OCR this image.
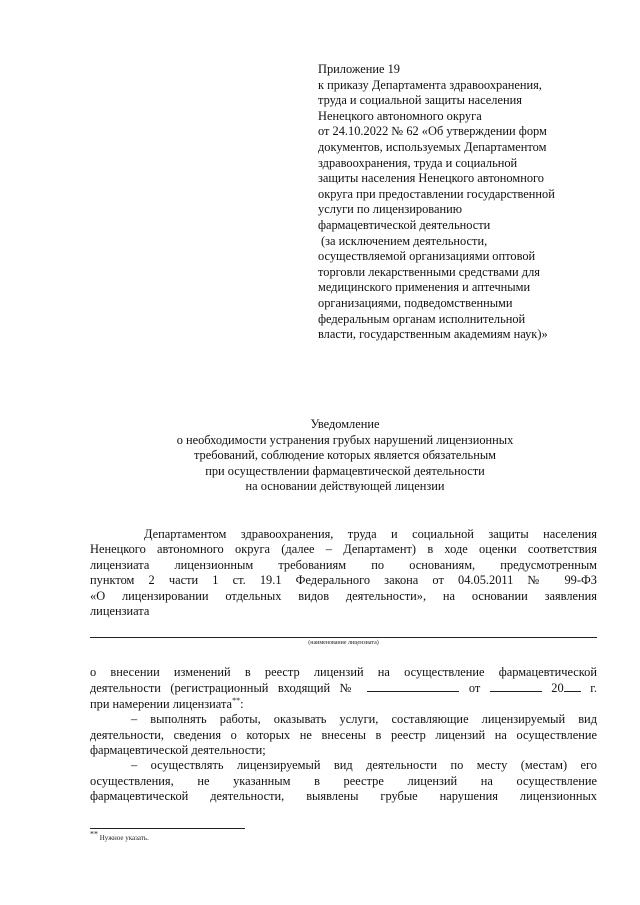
Приложение 19
к приказу Департамента здравоохранения,
труда и социальной защиты населения
Ненецкого автономного округа
от 24.10.2022 № 62 «Об утверждении форм
документов, используемых Департаментом
здравоохранения, труда и социальной
защиты населения Ненецкого автономного
округа при предоставлении государственной
услуги по лицензированию
фармацевтической деятельности
(за исключением деятельности,
осуществляемой организациями оптовой
торговли лекарственными средствами для
медицинского применения и аптечными
организациями, подведомственными
федеральным органам исполнительной
власти, государственным академиям наук)»
Уведомление
о необходимости устранения грубых нарушений лицензионных
требований, соблюдение которых является обязательным
при осуществлении фармацевтической деятельности
на основании действующей лицензии
Департаментом здравоохранения, труда и социальной защиты населения
Ненецкого автономного округа (далее – Департамент) в ходе оценки соответствия
лицензиата лицензионным требованиям по основаниям, предусмотренным
пунктом 2 части 1 ст. 19.1 Федерального закона от 04.05.2011 № 99-ФЗ
«О лицензировании отдельных видов деятельности», на основании заявления
лицензиата
(наименование лицензиата)
о внесении изменений в реестр лицензий на осуществление фармацевтической
деятельности (регистрационный входящий №	от	20 г.
при намерении лицензиата**:
– выполнять работы, оказывать услуги, составляющие лицензируемый вид
деятельности, сведения о которых не внесены в реестр лицензий на осуществление
фармацевтической деятельности;
– осуществлять лицензируемый вид деятельности по месту (местам) его
осуществления, не указанным в реестре лицензий на осуществление
фармацевтической деятельности, выявлены грубые нарушения лицензионных
** Нужное указать.
